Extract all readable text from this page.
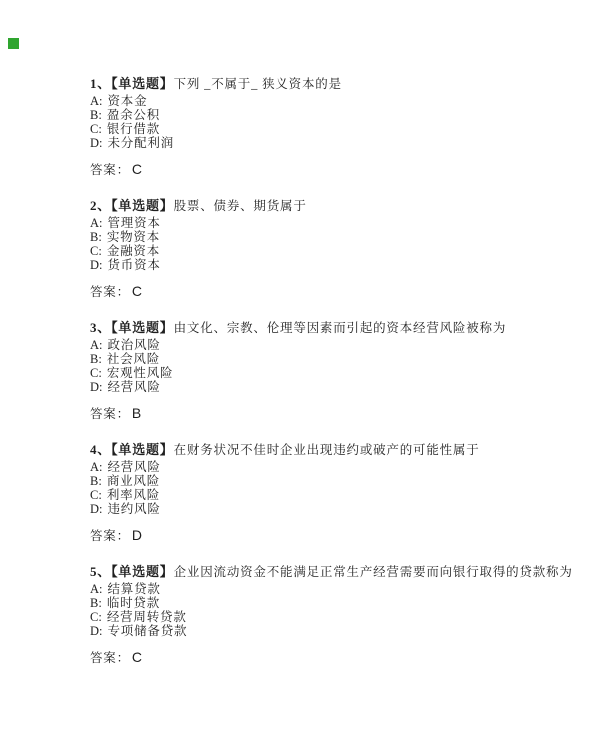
1、【单选题】下列 _不属于_ 狭义资本的是
A: 资本金
B: 盈余公积
C: 银行借款
D: 未分配利润
答案： C
2、【单选题】股票、债券、期货属于
A: 管理资本
B: 实物资本
C: 金融资本
D: 货币资本
答案： C
3、【单选题】由文化、宗教、伦理等因素而引起的资本经营风险被称为
A: 政治风险
B: 社会风险
C: 宏观性风险
D: 经营风险
答案： B
4、【单选题】在财务状况不佳时企业出现违约或破产的可能性属于
A: 经营风险
B: 商业风险
C: 利率风险
D: 违约风险
答案： D
5、【单选题】企业因流动资金不能满足正常生产经营需要而向银行取得的贷款称为
A: 结算贷款
B: 临时贷款
C: 经营周转贷款
D: 专项储备贷款
答案： C
